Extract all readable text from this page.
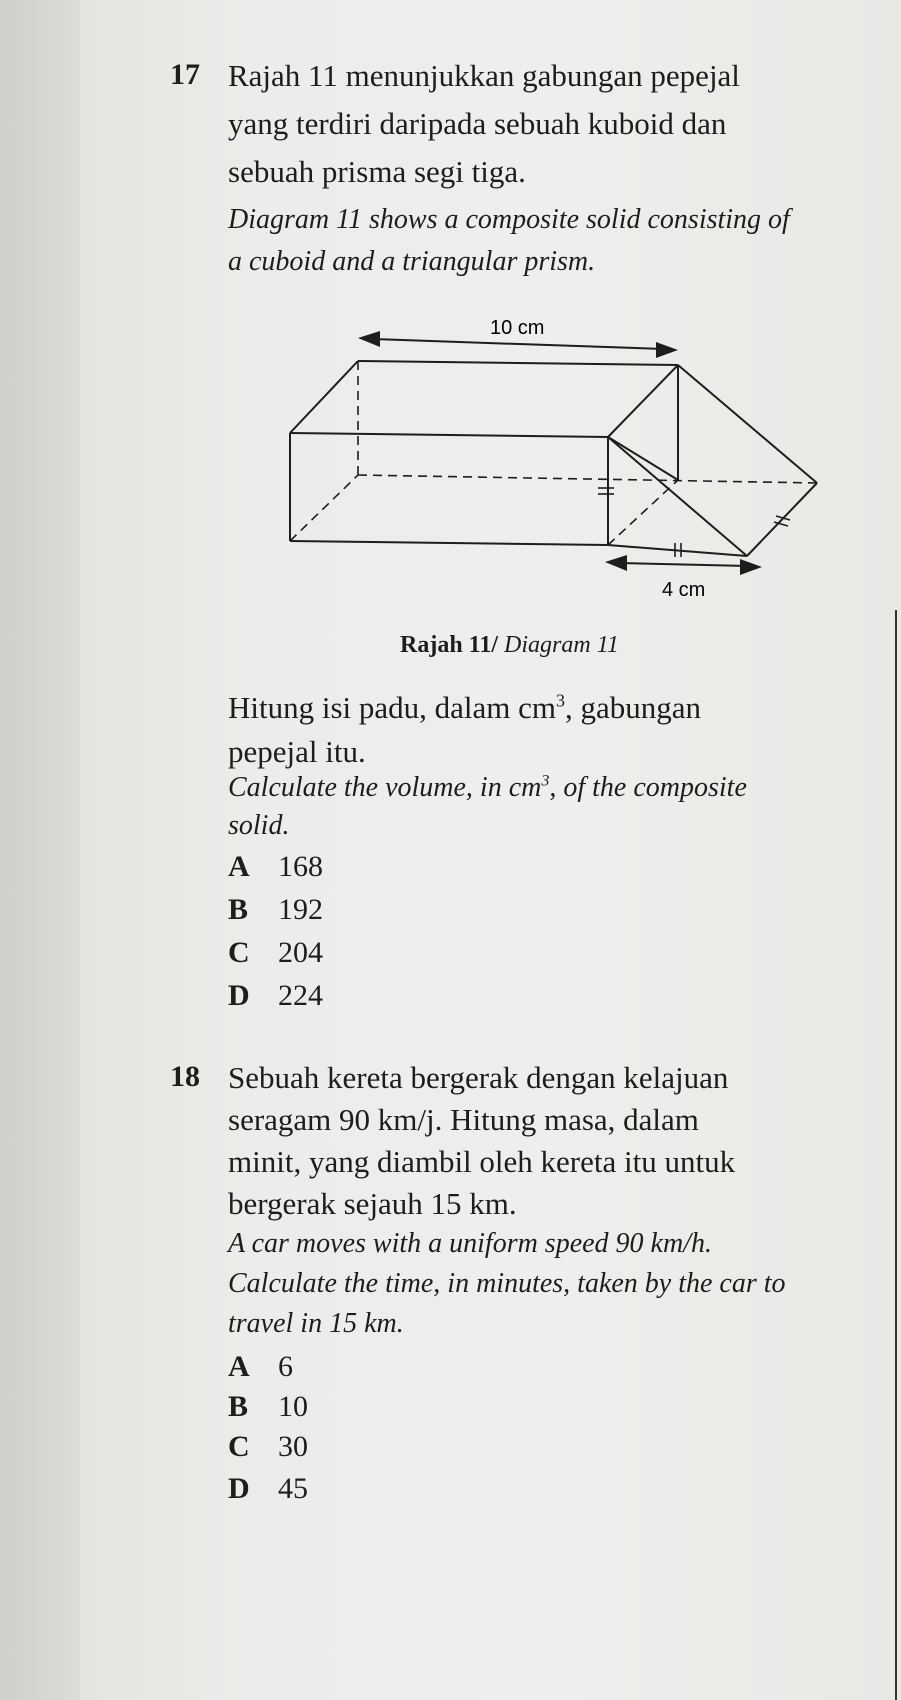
17 Rajah 11 menunjukkan gabungan pepejal
yang terdiri daripada sebuah kuboid dan
sebuah prisma segi tiga.
Diagram 11 shows a composite solid consisting of
a cuboid and a triangular prism.
10 cm
4 cm
Rajah 11/ Diagram 11
Hitung isi padu, dalam $cm^3$, gabungan
pepejal itu.
Calculate the volume, in $cm^3$, of the composite
solid.
A 168
B 192
C 204
D 224
18 Sebuah kereta bergerak dengan kelajuan
seragam 90 km/j. Hitung masa, dalam
minit, yang diambil oleh kereta itu untuk
bergerak sejauh 15 km.
A car moves with a uniform speed 90 km/h.
Calculate the time, in minutes, taken by the car to
travel in 15 km.
A 6
B 10
C 30
D 45
